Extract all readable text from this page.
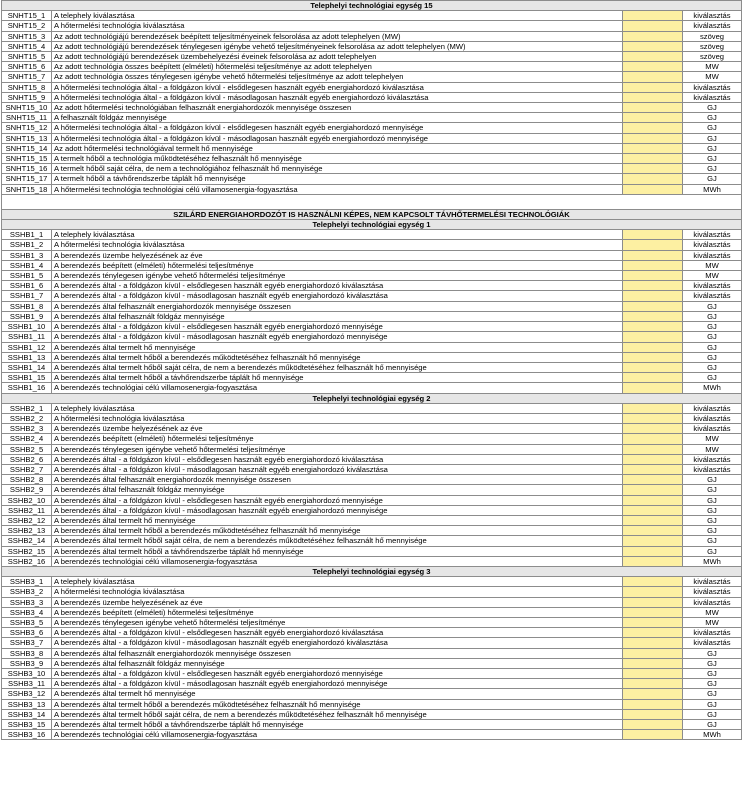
Telephelyi technológiai egység 15			
SNHT15_1	A telephely kiválasztása		kiválasztás
SNHT15_2	A hőtermelési technológia kiválasztása		kiválasztás
SNHT15_3	Az adott technológiájú berendezések beépített teljesítményeinek felsorolása az adott telephelyen (MW)		szöveg
SNHT15_4	Az adott technológiájú berendezések ténylegesen igénybe vehető teljesítményeinek felsorolása az adott telephelyen (MW)		szöveg
SNHT15_5	Az adott technológiájú berendezések üzembehelyezési éveinek felsorolása az adott telephelyen		szöveg
SNHT15_6	Az adott technológia összes beépített (elméleti) hőtermelési teljesítménye az adott telephelyen		MW
SNHT15_7	Az adott technológia összes ténylegesen igénybe vehető hőtermelési teljesítménye az adott telephelyen		MW
SNHT15_8	A hőtermelési technológia által - a földgázon kívül - elsődlegesen használt egyéb energiahordozó kiválasztása		kiválasztás
SNHT15_9	A hőtermelési technológia által - a földgázon kívül - másodlagosan használt egyéb energiahordozó kiválasztása		kiválasztás
SNHT15_10	Az adott hőtermelési technológiában felhasznált energiahordozók mennyisége összesen		GJ
SNHT15_11	A felhasznált földgáz mennyisége		GJ
SNHT15_12	A hőtermelési technológia által - a földgázon kívül - elsődlegesen használt egyéb energiahordozó mennyisége		GJ
SNHT15_13	A hőtermelési technológia által - a földgázon kívül - másodlagosan használt egyéb energiahordozó mennyisége		GJ
SNHT15_14	Az adott hőtermelési technológiával termelt hő mennyisége		GJ
SNHT15_15	A termelt hőből a technológia működtetéséhez felhasznált hő mennyisége		GJ
SNHT15_16	A termelt hőből saját célra, de nem a technológiához felhasznált hő mennyisége		GJ
SNHT15_17	A termelt hőből a távhőrendszerbe táplált hő mennyisége		GJ
SNHT15_18	A hőtermelési technológia technológiai célú villamosenergia-fogyasztása		MWh

SZILÁRD ENERGIAHORDOZÓT IS HASZNÁLNI KÉPES, NEM KAPCSOLT TÁVHŐTERMELÉSI TECHNOLÓGIÁK			
Telephelyi technológiai egység 1			
SSHB1_1	A telephely kiválasztása		kiválasztás
SSHB1_2	A hőtermelési technológia kiválasztása		kiválasztás
SSHB1_3	A berendezés üzembe helyezésének az éve		kiválasztás
SSHB1_4	A berendezés beépített (elméleti) hőtermelési teljesítménye		MW
SSHB1_5	A berendezés ténylegesen igénybe vehető hőtermelési teljesítménye		MW
SSHB1_6	A berendezés által - a földgázon kívül - elsődlegesen használt egyéb energiahordozó kiválasztása		kiválasztás
SSHB1_7	A berendezés által - a földgázon kívül - másodlagosan használt egyéb energiahordozó kiválasztása		kiválasztás
SSHB1_8	A berendezés által felhasznált energiahordozók mennyisége összesen		GJ
SSHB1_9	A berendezés által felhasznált földgáz mennyisége		GJ
SSHB1_10	A berendezés által - a földgázon kívül - elsődlegesen használt egyéb energiahordozó mennyisége		GJ
SSHB1_11	A berendezés által - a földgázon kívül - másodlagosan használt egyéb energiahordozó mennyisége		GJ
SSHB1_12	A berendezés által termelt hő mennyisége		GJ
SSHB1_13	A berendezés által termelt hőből a berendezés működtetéséhez felhasznált hő mennyisége		GJ
SSHB1_14	A berendezés által termelt hőből saját célra, de nem a berendezés működtetéséhez felhasznált hő mennyisége		GJ
SSHB1_15	A berendezés által termelt hőből a távhőrendszerbe táplált hő mennyisége		GJ
SSHB1_16	A berendezés technológiai célú villamosenergia-fogyasztása		MWh
Telephelyi technológiai egység 2			
SSHB2_1	A telephely kiválasztása		kiválasztás
SSHB2_2	A hőtermelési technológia kiválasztása		kiválasztás
SSHB2_3	A berendezés üzembe helyezésének az éve		kiválasztás
SSHB2_4	A berendezés beépített (elméleti) hőtermelési teljesítménye		MW
SSHB2_5	A berendezés ténylegesen igénybe vehető hőtermelési teljesítménye		MW
SSHB2_6	A berendezés által - a földgázon kívül - elsődlegesen használt egyéb energiahordozó kiválasztása		kiválasztás
SSHB2_7	A berendezés által - a földgázon kívül - másodlagosan használt egyéb energiahordozó kiválasztása		kiválasztás
SSHB2_8	A berendezés által felhasznált energiahordozók mennyisége összesen		GJ
SSHB2_9	A berendezés által felhasznált földgáz mennyisége		GJ
SSHB2_10	A berendezés által - a földgázon kívül - elsődlegesen használt egyéb energiahordozó mennyisége		GJ
SSHB2_11	A berendezés által - a földgázon kívül - másodlagosan használt egyéb energiahordozó mennyisége		GJ
SSHB2_12	A berendezés által termelt hő mennyisége		GJ
SSHB2_13	A berendezés által termelt hőből a berendezés működtetéséhez felhasznált hő mennyisége		GJ
SSHB2_14	A berendezés által termelt hőből saját célra, de nem a berendezés működtetéséhez felhasznált hő mennyisége		GJ
SSHB2_15	A berendezés által termelt hőből a távhőrendszerbe táplált hő mennyisége		GJ
SSHB2_16	A berendezés technológiai célú villamosenergia-fogyasztása		MWh
Telephelyi technológiai egység 3			
SSHB3_1	A telephely kiválasztása		kiválasztás
SSHB3_2	A hőtermelési technológia kiválasztása		kiválasztás
SSHB3_3	A berendezés üzembe helyezésének az éve		kiválasztás
SSHB3_4	A berendezés beépített (elméleti) hőtermelési teljesítménye		MW
SSHB3_5	A berendezés ténylegesen igénybe vehető hőtermelési teljesítménye		MW
SSHB3_6	A berendezés által - a földgázon kívül - elsődlegesen használt egyéb energiahordozó kiválasztása		kiválasztás
SSHB3_7	A berendezés által - a földgázon kívül - másodlagosan használt egyéb energiahordozó kiválasztása		kiválasztás
SSHB3_8	A berendezés által felhasznált energiahordozók mennyisége összesen		GJ
SSHB3_9	A berendezés által felhasznált földgáz mennyisége		GJ
SSHB3_10	A berendezés által - a földgázon kívül - elsődlegesen használt egyéb energiahordozó mennyisége		GJ
SSHB3_11	A berendezés által - a földgázon kívül - másodlagosan használt egyéb energiahordozó mennyisége		GJ
SSHB3_12	A berendezés által termelt hő mennyisége		GJ
SSHB3_13	A berendezés által termelt hőből a berendezés működtetéséhez felhasznált hő mennyisége		GJ
SSHB3_14	A berendezés által termelt hőből saját célra, de nem a berendezés működtetéséhez felhasznált hő mennyisége		GJ
SSHB3_15	A berendezés által termelt hőből a távhőrendszerbe táplált hő mennyisége		GJ
SSHB3_16	A berendezés technológiai célú villamosenergia-fogyasztása		MWh
